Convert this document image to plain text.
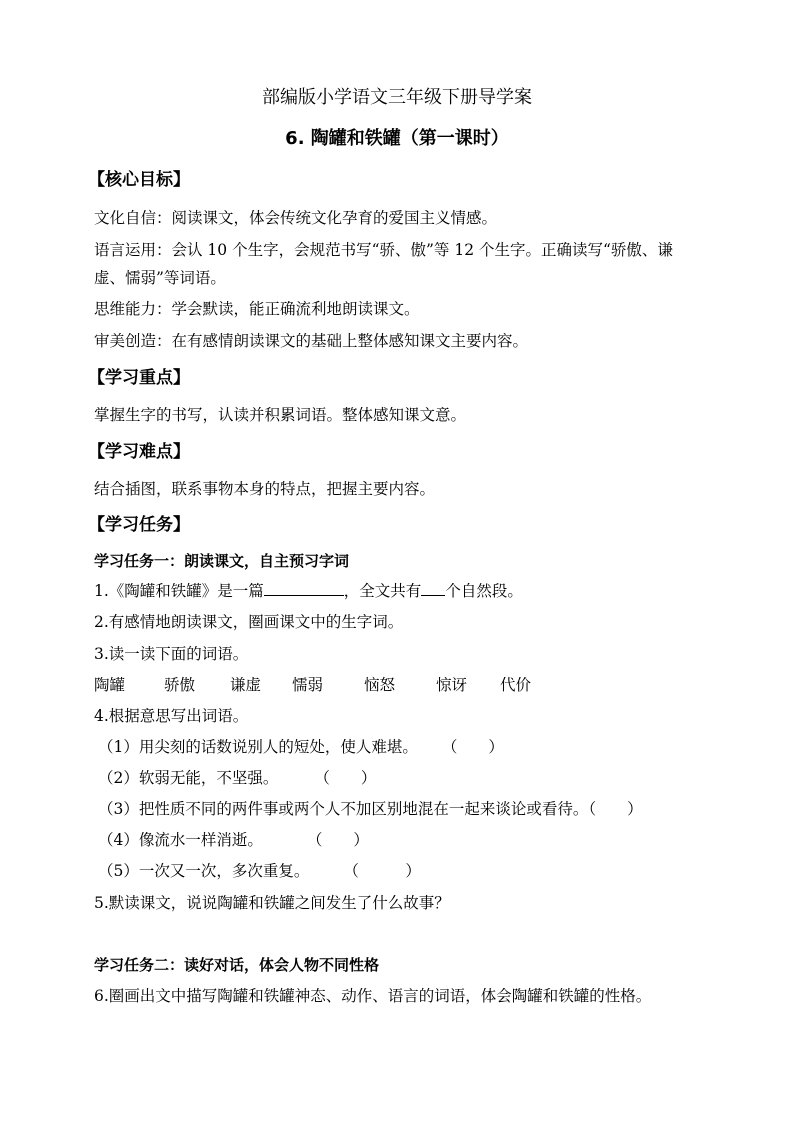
部编版小学语文三年级下册导学案
6. 陶罐和铁罐（第一课时）
【核心目标】
文化自信：阅读课文，体会传统文化孕育的爱国主义情感。
语言运用：会认 10 个生字，会规范书写“骄、傲”等 12 个生字。正确读写“骄傲、谦
虚、懦弱”等词语。
思维能力：学会默读，能正确流利地朗读课文。
审美创造：在有感情朗读课文的基础上整体感知课文主要内容。
【学习重点】
掌握生字的书写，认读并积累词语。整体感知课文意。
【学习难点】
结合插图，联系事物本身的特点，把握主要内容。
【学习任务】
学习任务一：朗读课文，自主预习字词
1.《陶罐和铁罐》是一篇	，全文共有 个自然段。
2.有感情地朗读课文，圈画课文中的生字词。
3.读一读下面的词语。
陶罐	骄傲 谦虚 懦弱	恼怒	惊讶 代价
4.根据意思写出词语。
（1）用尖刻的话数说别人的短处，使人难堪。 （　　）
（2）软弱无能，不坚强。 （　　）
（3）把性质不同的两件事或两个人不加区别地混在一起来谈论或看待。（　　）
（4）像流水一样消逝。	（　　）
（5）一次又一次，多次重复。 （　　　）
5.默读课文，说说陶罐和铁罐之间发生了什么故事？
学习任务二：读好对话，体会人物不同性格
6.圈画出文中描写陶罐和铁罐神态、动作、语言的词语，体会陶罐和铁罐的性格。
